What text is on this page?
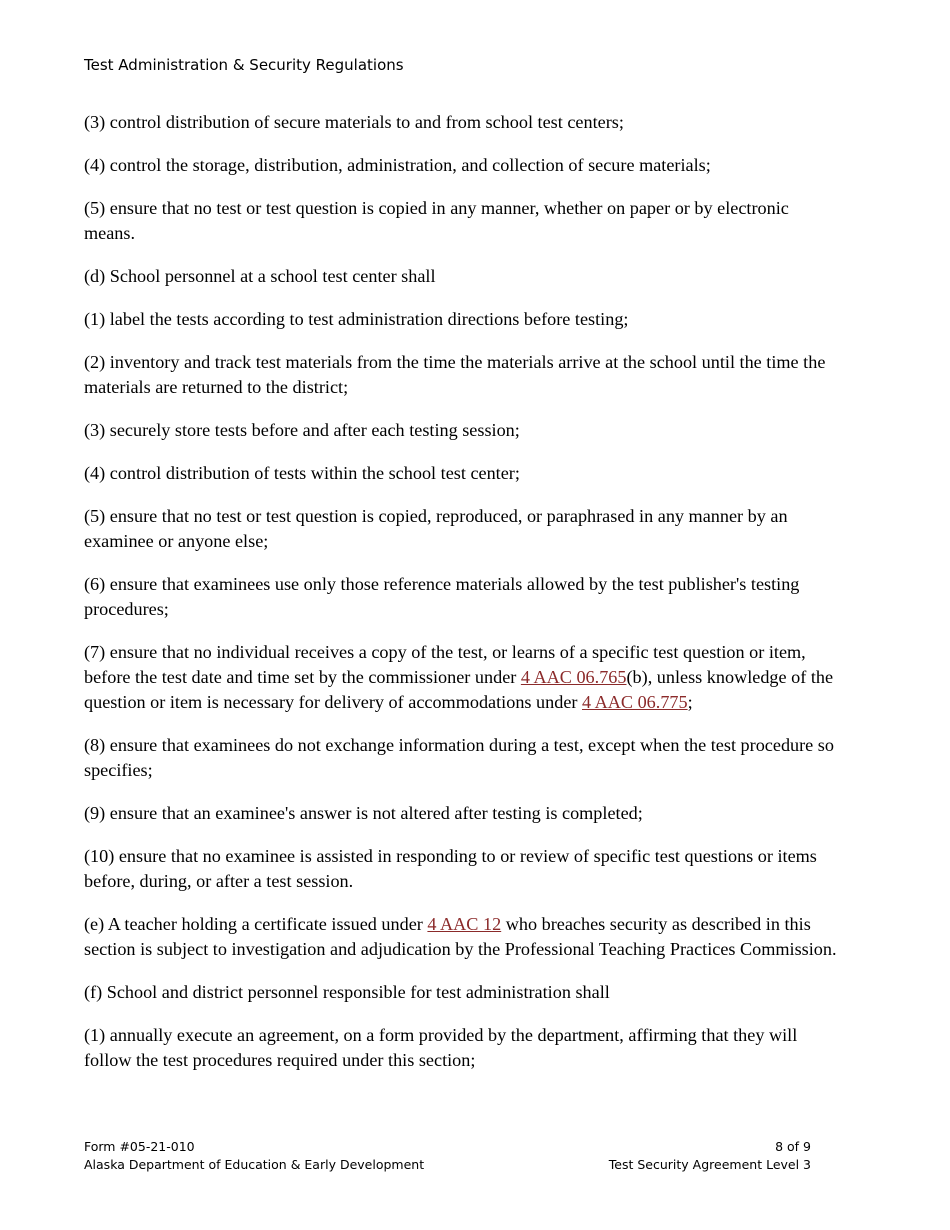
Test Administration & Security Regulations

(3) control distribution of secure materials to and from school test centers;

(4) control the storage, distribution, administration, and collection of secure materials;

(5) ensure that no test or test question is copied in any manner, whether on paper or by electronic means.

(d) School personnel at a school test center shall

(1) label the tests according to test administration directions before testing;

(2) inventory and track test materials from the time the materials arrive at the school until the time the materials are returned to the district;

(3) securely store tests before and after each testing session;

(4) control distribution of tests within the school test center;

(5) ensure that no test or test question is copied, reproduced, or paraphrased in any manner by an examinee or anyone else;

(6) ensure that examinees use only those reference materials allowed by the test publisher's testing procedures;

(7) ensure that no individual receives a copy of the test, or learns of a specific test question or item, before the test date and time set by the commissioner under 4 AAC 06.765(b), unless knowledge of the question or item is necessary for delivery of accommodations under 4 AAC 06.775;

(8) ensure that examinees do not exchange information during a test, except when the test procedure so specifies;

(9) ensure that an examinee's answer is not altered after testing is completed;

(10) ensure that no examinee is assisted in responding to or review of specific test questions or items before, during, or after a test session.

(e) A teacher holding a certificate issued under 4 AAC 12 who breaches security as described in this section is subject to investigation and adjudication by the Professional Teaching Practices Commission.

(f) School and district personnel responsible for test administration shall

(1) annually execute an agreement, on a form provided by the department, affirming that they will follow the test procedures required under this section;

Form #05-21-010
Alaska Department of Education & Early Development
8 of 9
Test Security Agreement Level 3
